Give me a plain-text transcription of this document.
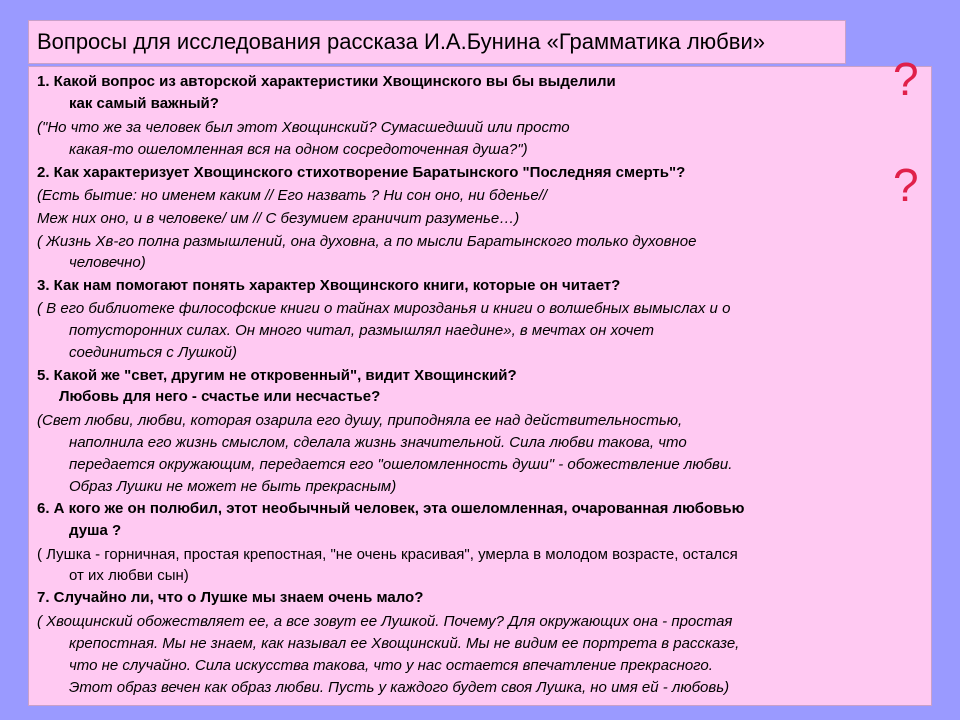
Вопросы для исследования рассказа И.А.Бунина «Грамматика любви»
1. Какой вопрос из авторской характеристики Хвощинского вы бы выделили
как самый важный?
("Но что же за человек был этот Хвощинский? Сумасшедший или просто
какая-то ошеломленная вся на одном сосредоточенная душа?")
2. Как характеризует Хвощинского стихотворение Баратынского "Последняя смерть"?
(Есть бытие: но именем каким // Его назвать ? Ни сон оно, ни бденье//
Меж них оно, и в человеке/ им // С безумием граничит разуменье…)
( Жизнь Хв-го полна размышлений, она духовна, а по мысли Баратынского только духовное
человечно)
3. Как нам помогают понять характер Хвощинского книги, которые он читает?
( В его библиотеке философские книги о тайнах мирозданья и книги о волшебных вымыслах и о
потусторонних силах. Он много читал, размышлял наедине», в мечтах он хочет
соединиться с Лушкой)
5. Какой же "свет, другим не откровенный", видит Хвощинский?
Любовь для него - счастье или несчастье?
(Свет любви, любви, которая озарила его душу, приподняла ее над действительностью,
наполнила его жизнь смыслом, сделала жизнь значительной. Сила любви такова, что
передается окружающим, передается его "ошеломленность души" - обожествление любви.
Образ Лушки не может не быть прекрасным)
6. А кого же он полюбил, этот необычный человек, эта ошеломленная, очарованная любовью
душа ?
( Лушка - горничная, простая крепостная, "не очень красивая", умерла в молодом возрасте, остался
от их любви сын)
7. Случайно ли, что о Лушке мы знаем очень мало?
( Хвощинский обожествляет ее, а все зовут ее Лушкой. Почему? Для окружающих она - простая
крепостная. Мы не знаем, как называл ее Хвощинский. Мы не видим ее портрета в рассказе,
что не случайно. Сила искусства такова, что у нас остается впечатление прекрасного.
Этот образ вечен как образ любви. Пусть у каждого будет своя Лушка, но имя ей - любовь)
?
?
